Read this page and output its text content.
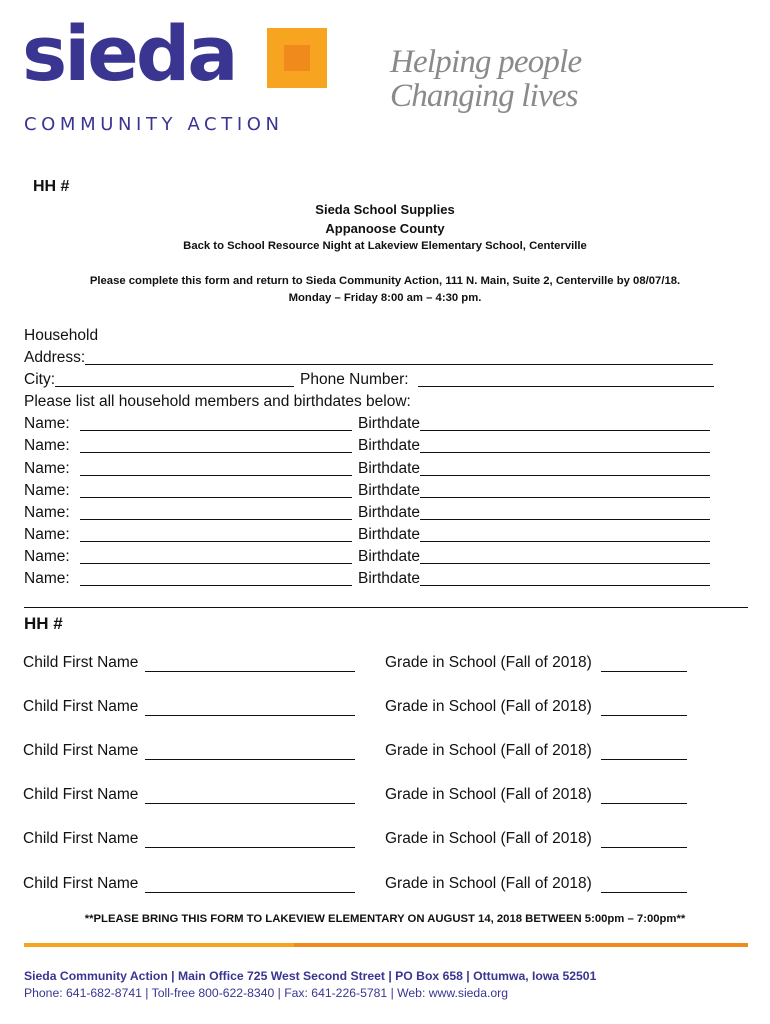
sieda
COMMUNITY ACTION
Helping people
Changing lives
HH #
Sieda School Supplies
Appanoose County
Back to School Resource Night at Lakeview Elementary School, Centerville
Please complete this form and return to Sieda Community Action, 111 N. Main, Suite 2, Centerville by 08/07/18.
Monday – Friday 8:00 am – 4:30 pm.
Household
Address:
City:	Phone Number:
Please list all household members and birthdates below:
Name:	Birthdate
Name:	Birthdate
Name:	Birthdate
Name:	Birthdate
Name:	Birthdate
Name:	Birthdate
Name:	Birthdate
Name:	Birthdate
HH #
Child First Name	Grade in School (Fall of 2018)
Child First Name	Grade in School (Fall of 2018)
Child First Name	Grade in School (Fall of 2018)
Child First Name	Grade in School (Fall of 2018)
Child First Name	Grade in School (Fall of 2018)
Child First Name	Grade in School (Fall of 2018)
**PLEASE BRING THIS FORM TO LAKEVIEW ELEMENTARY ON AUGUST 14, 2018 BETWEEN 5:00pm – 7:00pm**
Sieda Community Action | Main Office 725 West Second Street | PO Box 658 | Ottumwa, Iowa 52501
Phone: 641-682-8741 | Toll-free 800-622-8340 | Fax: 641-226-5781 | Web: www.sieda.org
